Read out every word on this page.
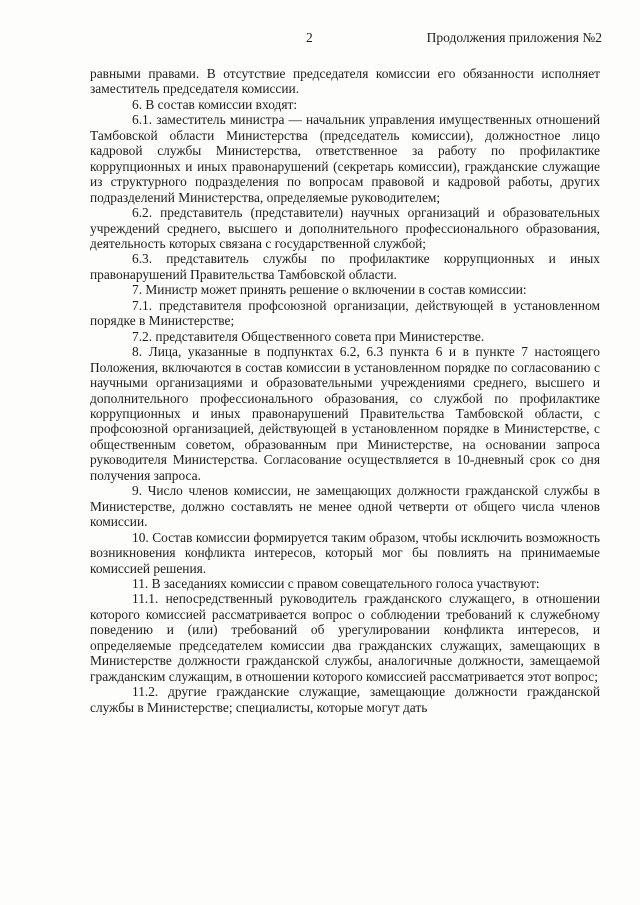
2	Продолжения приложения №2

равными правами. В отсутствие председателя комиссии его обязанности исполняет заместитель председателя комиссии.

6. В состав комиссии входят:

6.1. заместитель министра — начальник управления имущественных отношений Тамбовской области Министерства (председатель комиссии), должностное лицо кадровой службы Министерства, ответственное за работу по профилактике коррупционных и иных правонарушений (секретарь комиссии), гражданские служащие из структурного подразделения по вопросам правовой и кадровой работы, других подразделений Министерства, определяемые руководителем;

6.2. представитель (представители) научных организаций и образовательных учреждений среднего, высшего и дополнительного профессионального образования, деятельность которых связана с государственной службой;

6.3. представитель службы по профилактике коррупционных и иных правонарушений Правительства Тамбовской области.

7. Министр может принять решение о включении в состав комиссии:

7.1. представителя профсоюзной организации, действующей в установленном порядке в Министерстве;

7.2. представителя Общественного совета при Министерстве.

8. Лица, указанные в подпунктах 6.2, 6.3 пункта 6 и в пункте 7 настоящего Положения, включаются в состав комиссии в установленном порядке по согласованию с научными организациями и образовательными учреждениями среднего, высшего и дополнительного профессионального образования, со службой по профилактике коррупционных и иных правонарушений Правительства Тамбовской области, с профсоюзной организацией, действующей в установленном порядке в Министерстве, с общественным советом, образованным при Министерстве, на основании запроса руководителя Министерства. Согласование осуществляется в 10-дневный срок со дня получения запроса.

9. Число членов комиссии, не замещающих должности гражданской службы в Министерстве, должно составлять не менее одной четверти от общего числа членов комиссии.

10. Состав комиссии формируется таким образом, чтобы исключить возможность возникновения конфликта интересов, который мог бы повлиять на принимаемые комиссией решения.

11. В заседаниях комиссии с правом совещательного голоса участвуют:

11.1. непосредственный руководитель гражданского служащего, в отношении которого комиссией рассматривается вопрос о соблюдении требований к служебному поведению и (или) требований об урегулировании конфликта интересов, и определяемые председателем комиссии два гражданских служащих, замещающих в Министерстве должности гражданской службы, аналогичные должности, замещаемой гражданским служащим, в отношении которого комиссией рассматривается этот вопрос;

11.2. другие гражданские служащие, замещающие должности гражданской службы в Министерстве; специалисты, которые могут дать
